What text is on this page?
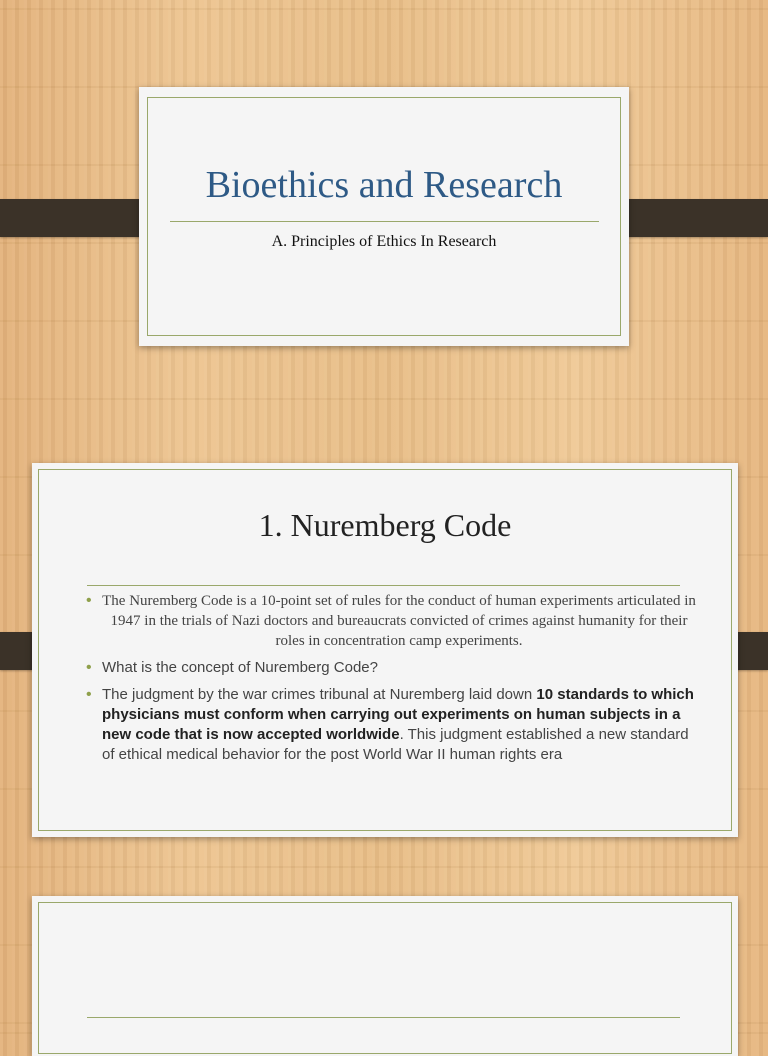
Bioethics and Research
A. Principles of Ethics In Research
1. Nuremberg Code
• The Nuremberg Code is a 10-point set of rules for the conduct of human experiments articulated in 1947 in the trials of Nazi doctors and bureaucrats convicted of crimes against humanity for their roles in concentration camp experiments.
• What is the concept of Nuremberg Code?
• The judgment by the war crimes tribunal at Nuremberg laid down 10 standards to which physicians must conform when carrying out experiments on human subjects in a new code that is now accepted worldwide. This judgment established a new standard of ethical medical behavior for the post World War II human rights era
